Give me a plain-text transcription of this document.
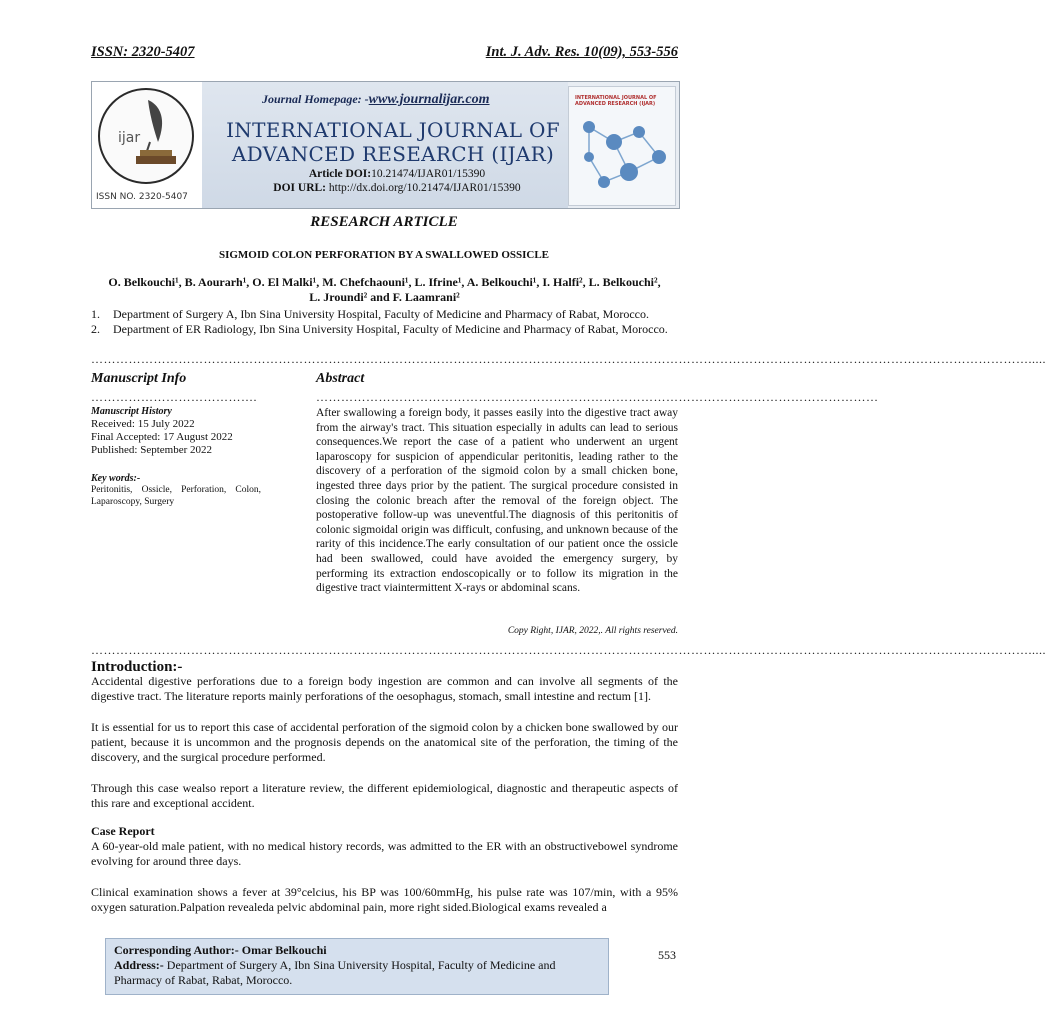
ISSN: 2320-5407	Int. J. Adv. Res. 10(09), 553-556
ijar
ISSN NO. 2320-5407
Journal Homepage: -www.journalijar.com
INTERNATIONAL JOURNAL OF
ADVANCED RESEARCH (IJAR)
Article DOI:10.21474/IJAR01/15390
DOI URL: http://dx.doi.org/10.21474/IJAR01/15390
INTERNATIONAL JOURNAL OF ADVANCED RESEARCH (IJAR)
RESEARCH ARTICLE
SIGMOID COLON PERFORATION BY A SWALLOWED OSSICLE
O. Belkouchi¹, B. Aourarh¹, O. El Malki¹, M. Chefchaouni¹, L. Ifrine¹, A. Belkouchi¹, I. Halfi², L. Belkouchi²,
L. Jroundi² and F. Laamrani²
1.	Department of Surgery A, Ibn Sina University Hospital, Faculty of Medicine and Pharmacy of Rabat, Morocco.
2.	Department of ER Radiology, Ibn Sina University Hospital, Faculty of Medicine and Pharmacy of Rabat, Morocco.
……………………………………………………………………………………………………………………………………………………………………………………………………….....
Manuscript Info
………………………………….
Manuscript History
Received: 15 July 2022
Final Accepted: 17 August 2022
Published: September 2022
Key words:-
Peritonitis, Ossicle, Perforation, Colon, Laparoscopy, Surgery
Abstract
………………………………………………………………………………………………………………………
After swallowing a foreign body, it passes easily into the digestive tract away from the airway's tract. This situation especially in adults can lead to serious consequences.We report the case of a patient who underwent an urgent laparoscopy for suspicion of appendicular peritonitis, leading rather to the discovery of a perforation of the sigmoid colon by a small chicken bone, ingested three days prior by the patient. The surgical procedure consisted in closing the colonic breach after the removal of the foreign object. The postoperative follow-up was uneventful.The diagnosis of this peritonitis of colonic sigmoidal origin was difficult, confusing, and unknown because of the rarity of this incidence.The early consultation of our patient once the ossicle had been swallowed, could have avoided the emergency surgery, by performing its extraction endoscopically or to follow its migration in the digestive tract viaintermittent X-rays or abdominal scans.
Copy Right, IJAR, 2022,. All rights reserved.
……………………………………………………………………………………………………………………………………………………………………………………………………….....
Introduction:-
Accidental digestive perforations due to a foreign body ingestion are common and can involve all segments of the digestive tract. The literature reports mainly perforations of the oesophagus, stomach, small intestine and rectum [1].
It is essential for us to report this case of accidental perforation of the sigmoid colon by a chicken bone swallowed by our patient, because it is uncommon and the prognosis depends on the anatomical site of the perforation, the timing of the discovery, and the surgical procedure performed.
Through this case wealso report a literature review, the different epidemiological, diagnostic and therapeutic aspects of this rare and exceptional accident.
Case Report
A 60-year-old male patient, with no medical history records, was admitted to the ER with an obstructivebowel syndrome evolving for around three days.
Clinical examination shows a fever at 39°celcius, his BP was 100/60mmHg, his pulse rate was 107/min, with a 95% oxygen saturation.Palpation revealeda pelvic abdominal pain, more right sided.Biological exams revealed a
Corresponding Author:- Omar Belkouchi
Address:- Department of Surgery A, Ibn Sina University Hospital, Faculty of Medicine and Pharmacy of Rabat, Rabat, Morocco.
553
